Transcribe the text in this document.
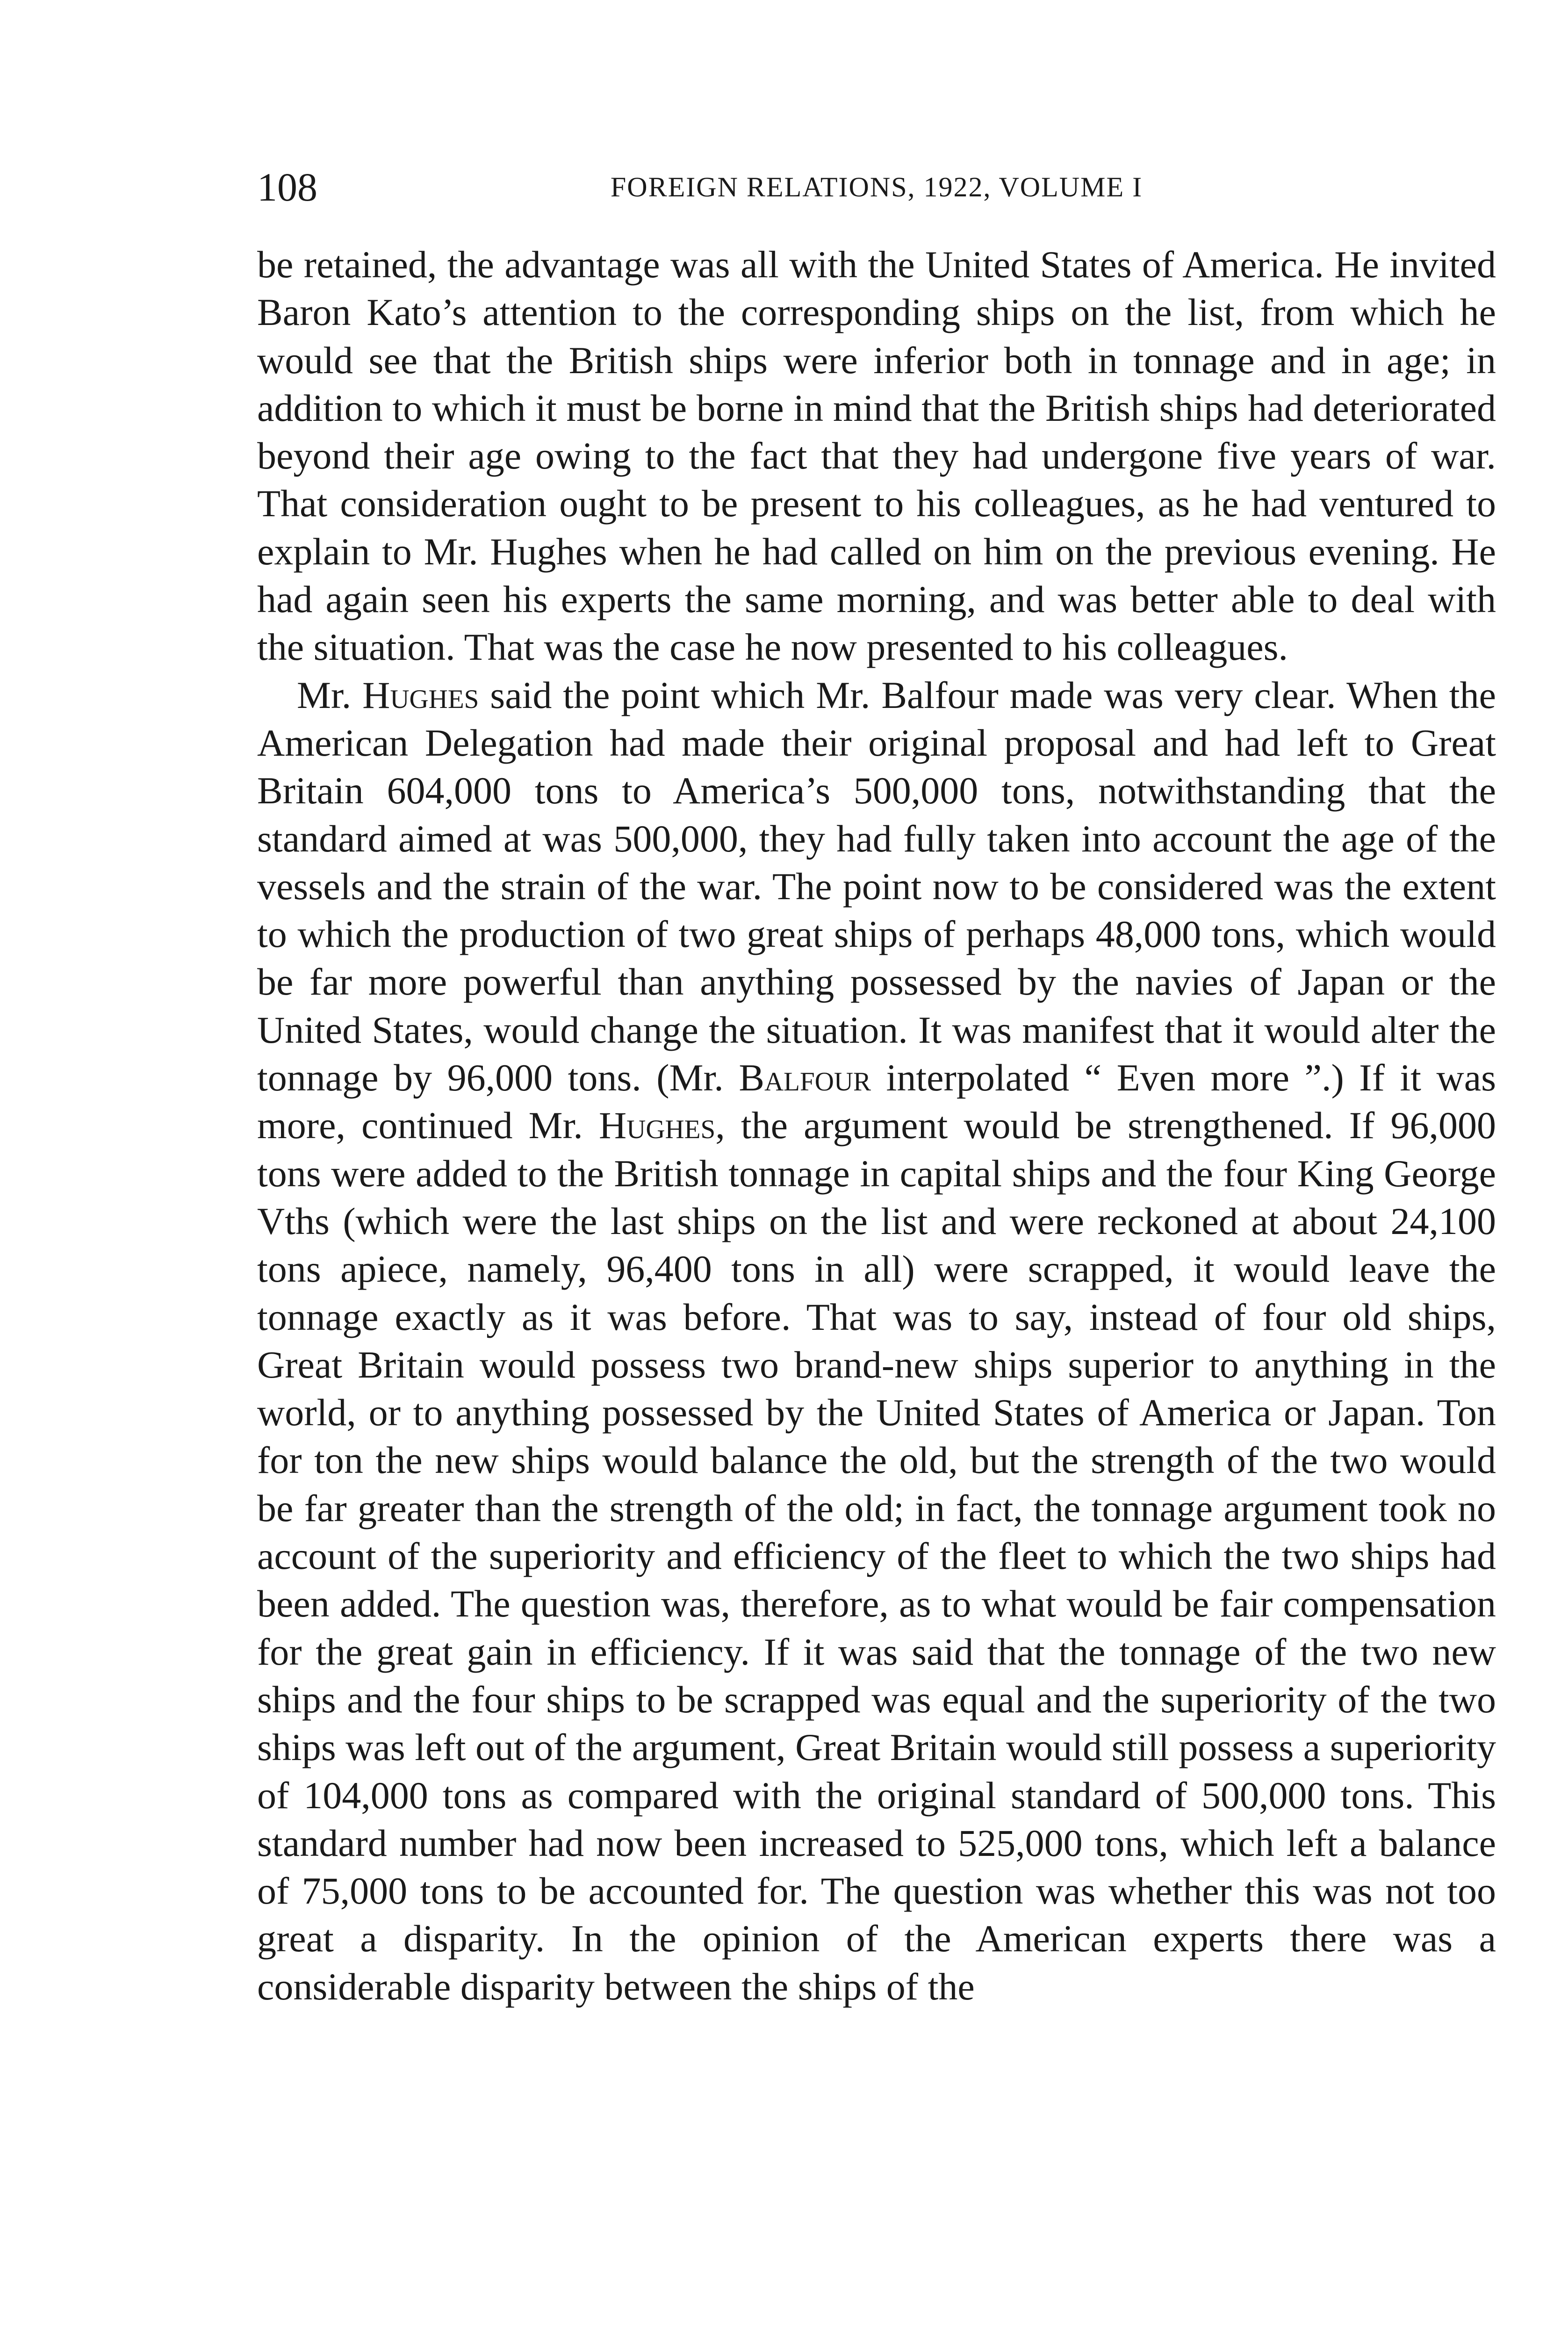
108	FOREIGN RELATIONS, 1922, VOLUME I

be retained, the advantage was all with the United States of America. He invited Baron Kato’s attention to the corresponding ships on the list, from which he would see that the British ships were inferior both in tonnage and in age; in addition to which it must be borne in mind that the British ships had deteriorated beyond their age owing to the fact that they had undergone five years of war. That consideration ought to be present to his colleagues, as he had ventured to explain to Mr. Hughes when he had called on him on the previous evening. He had again seen his experts the same morning, and was better able to deal with the situation. That was the case he now presented to his colleagues.

Mr. Hughes said the point which Mr. Balfour made was very clear. When the American Delegation had made their original proposal and had left to Great Britain 604,000 tons to America’s 500,000 tons, notwithstanding that the standard aimed at was 500,000, they had fully taken into account the age of the vessels and the strain of the war. The point now to be considered was the extent to which the production of two great ships of perhaps 48,000 tons, which would be far more powerful than anything possessed by the navies of Japan or the United States, would change the situation. It was manifest that it would alter the tonnage by 96,000 tons. (Mr. Balfour interpolated “ Even more ”.) If it was more, continued Mr. Hughes, the argument would be strengthened. If 96,000 tons were added to the British tonnage in capital ships and the four King George Vths (which were the last ships on the list and were reckoned at about 24,100 tons apiece, namely, 96,400 tons in all) were scrapped, it would leave the tonnage exactly as it was before. That was to say, instead of four old ships, Great Britain would possess two brand-new ships superior to anything in the world, or to anything possessed by the United States of America or Japan. Ton for ton the new ships would balance the old, but the strength of the two would be far greater than the strength of the old; in fact, the tonnage argument took no account of the superiority and efficiency of the fleet to which the two ships had been added. The question was, therefore, as to what would be fair compensation for the great gain in efficiency. If it was said that the tonnage of the two new ships and the four ships to be scrapped was equal and the superiority of the two ships was left out of the argument, Great Britain would still possess a superiority of 104,000 tons as compared with the original standard of 500,000 tons. This standard number had now been increased to 525,000 tons, which left a balance of 75,000 tons to be accounted for. The question was whether this was not too great a disparity. In the opinion of the American experts there was a considerable disparity between the ships of the
